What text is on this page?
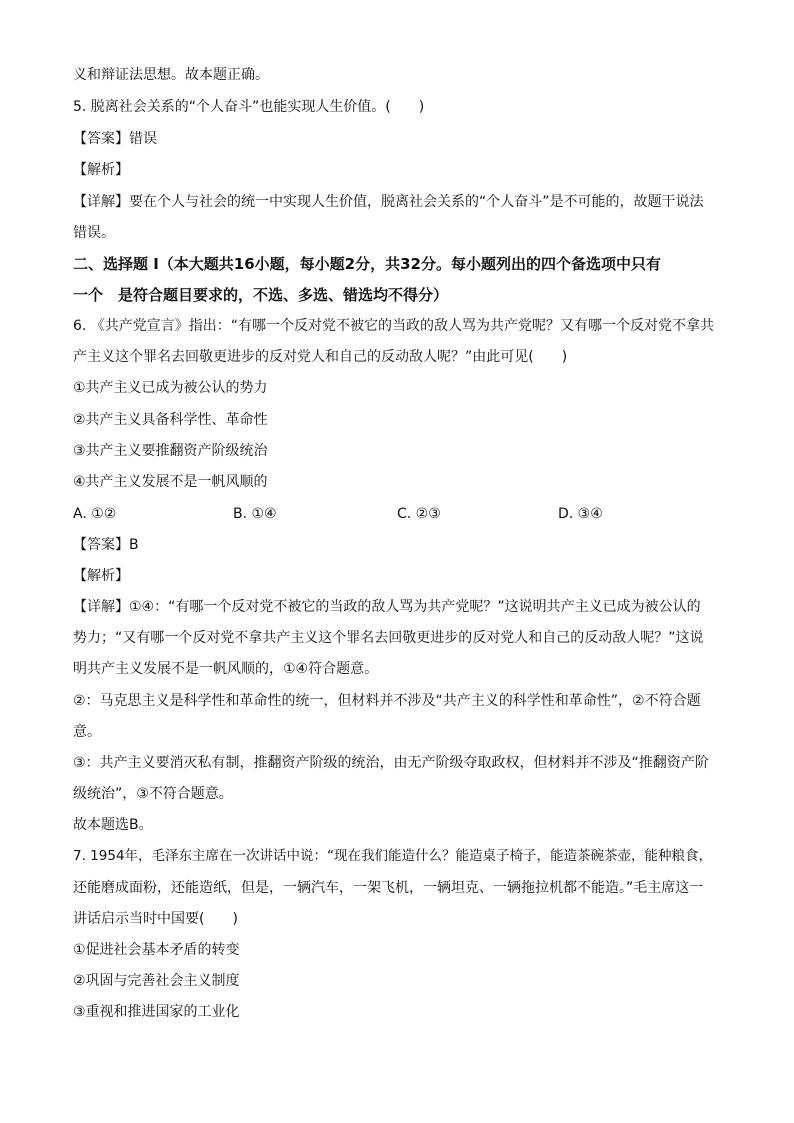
义和辩证法思想。故本题正确。
5. 脱离社会关系的“个人奋斗”也能实现人生价值。(　　)
【答案】错误
【解析】
【详解】要在个人与社会的统一中实现人生价值，脱离社会关系的“个人奋斗”是不可能的，故题干说法
错误。
二、选择题 I（本大题共16小题，每小题2分，共32分。每小题列出的四个备选项中只有
一个　是符合题目要求的，不选、多选、错选均不得分）
6. 《共产党宣言》指出：“有哪一个反对党不被它的当政的敌人骂为共产党呢？又有哪一个反对党不拿共
产主义这个罪名去回敬更进步的反对党人和自己的反动敌人呢？”由此可见(　　)
①共产主义已成为被公认的势力
②共产主义具备科学性、革命性
③共产主义要推翻资产阶级统治
④共产主义发展不是一帆风顺的
A. ①②	B. ①④	C. ②③	D. ③④
【答案】B
【解析】
【详解】①④：“有哪一个反对党不被它的当政的敌人骂为共产党呢？”这说明共产主义已成为被公认的
势力；“又有哪一个反对党不拿共产主义这个罪名去回敬更进步的反对党人和自己的反动敌人呢？”这说
明共产主义发展不是一帆风顺的，①④符合题意。
②：马克思主义是科学性和革命性的统一，但材料并不涉及“共产主义的科学性和革命性”，②不符合题
意。
③：共产主义要消灭私有制，推翻资产阶级的统治，由无产阶级夺取政权，但材料并不涉及“推翻资产阶
级统治”，③不符合题意。
故本题选B。
7. 1954年，毛泽东主席在一次讲话中说：“现在我们能造什么？能造桌子椅子，能造茶碗茶壶，能种粮食，
还能磨成面粉，还能造纸，但是，一辆汽车，一架飞机，一辆坦克、一辆拖拉机都不能造。”毛主席这一
讲话启示当时中国要(　　)
①促进社会基本矛盾的转变
②巩固与完善社会主义制度
③重视和推进国家的工业化
